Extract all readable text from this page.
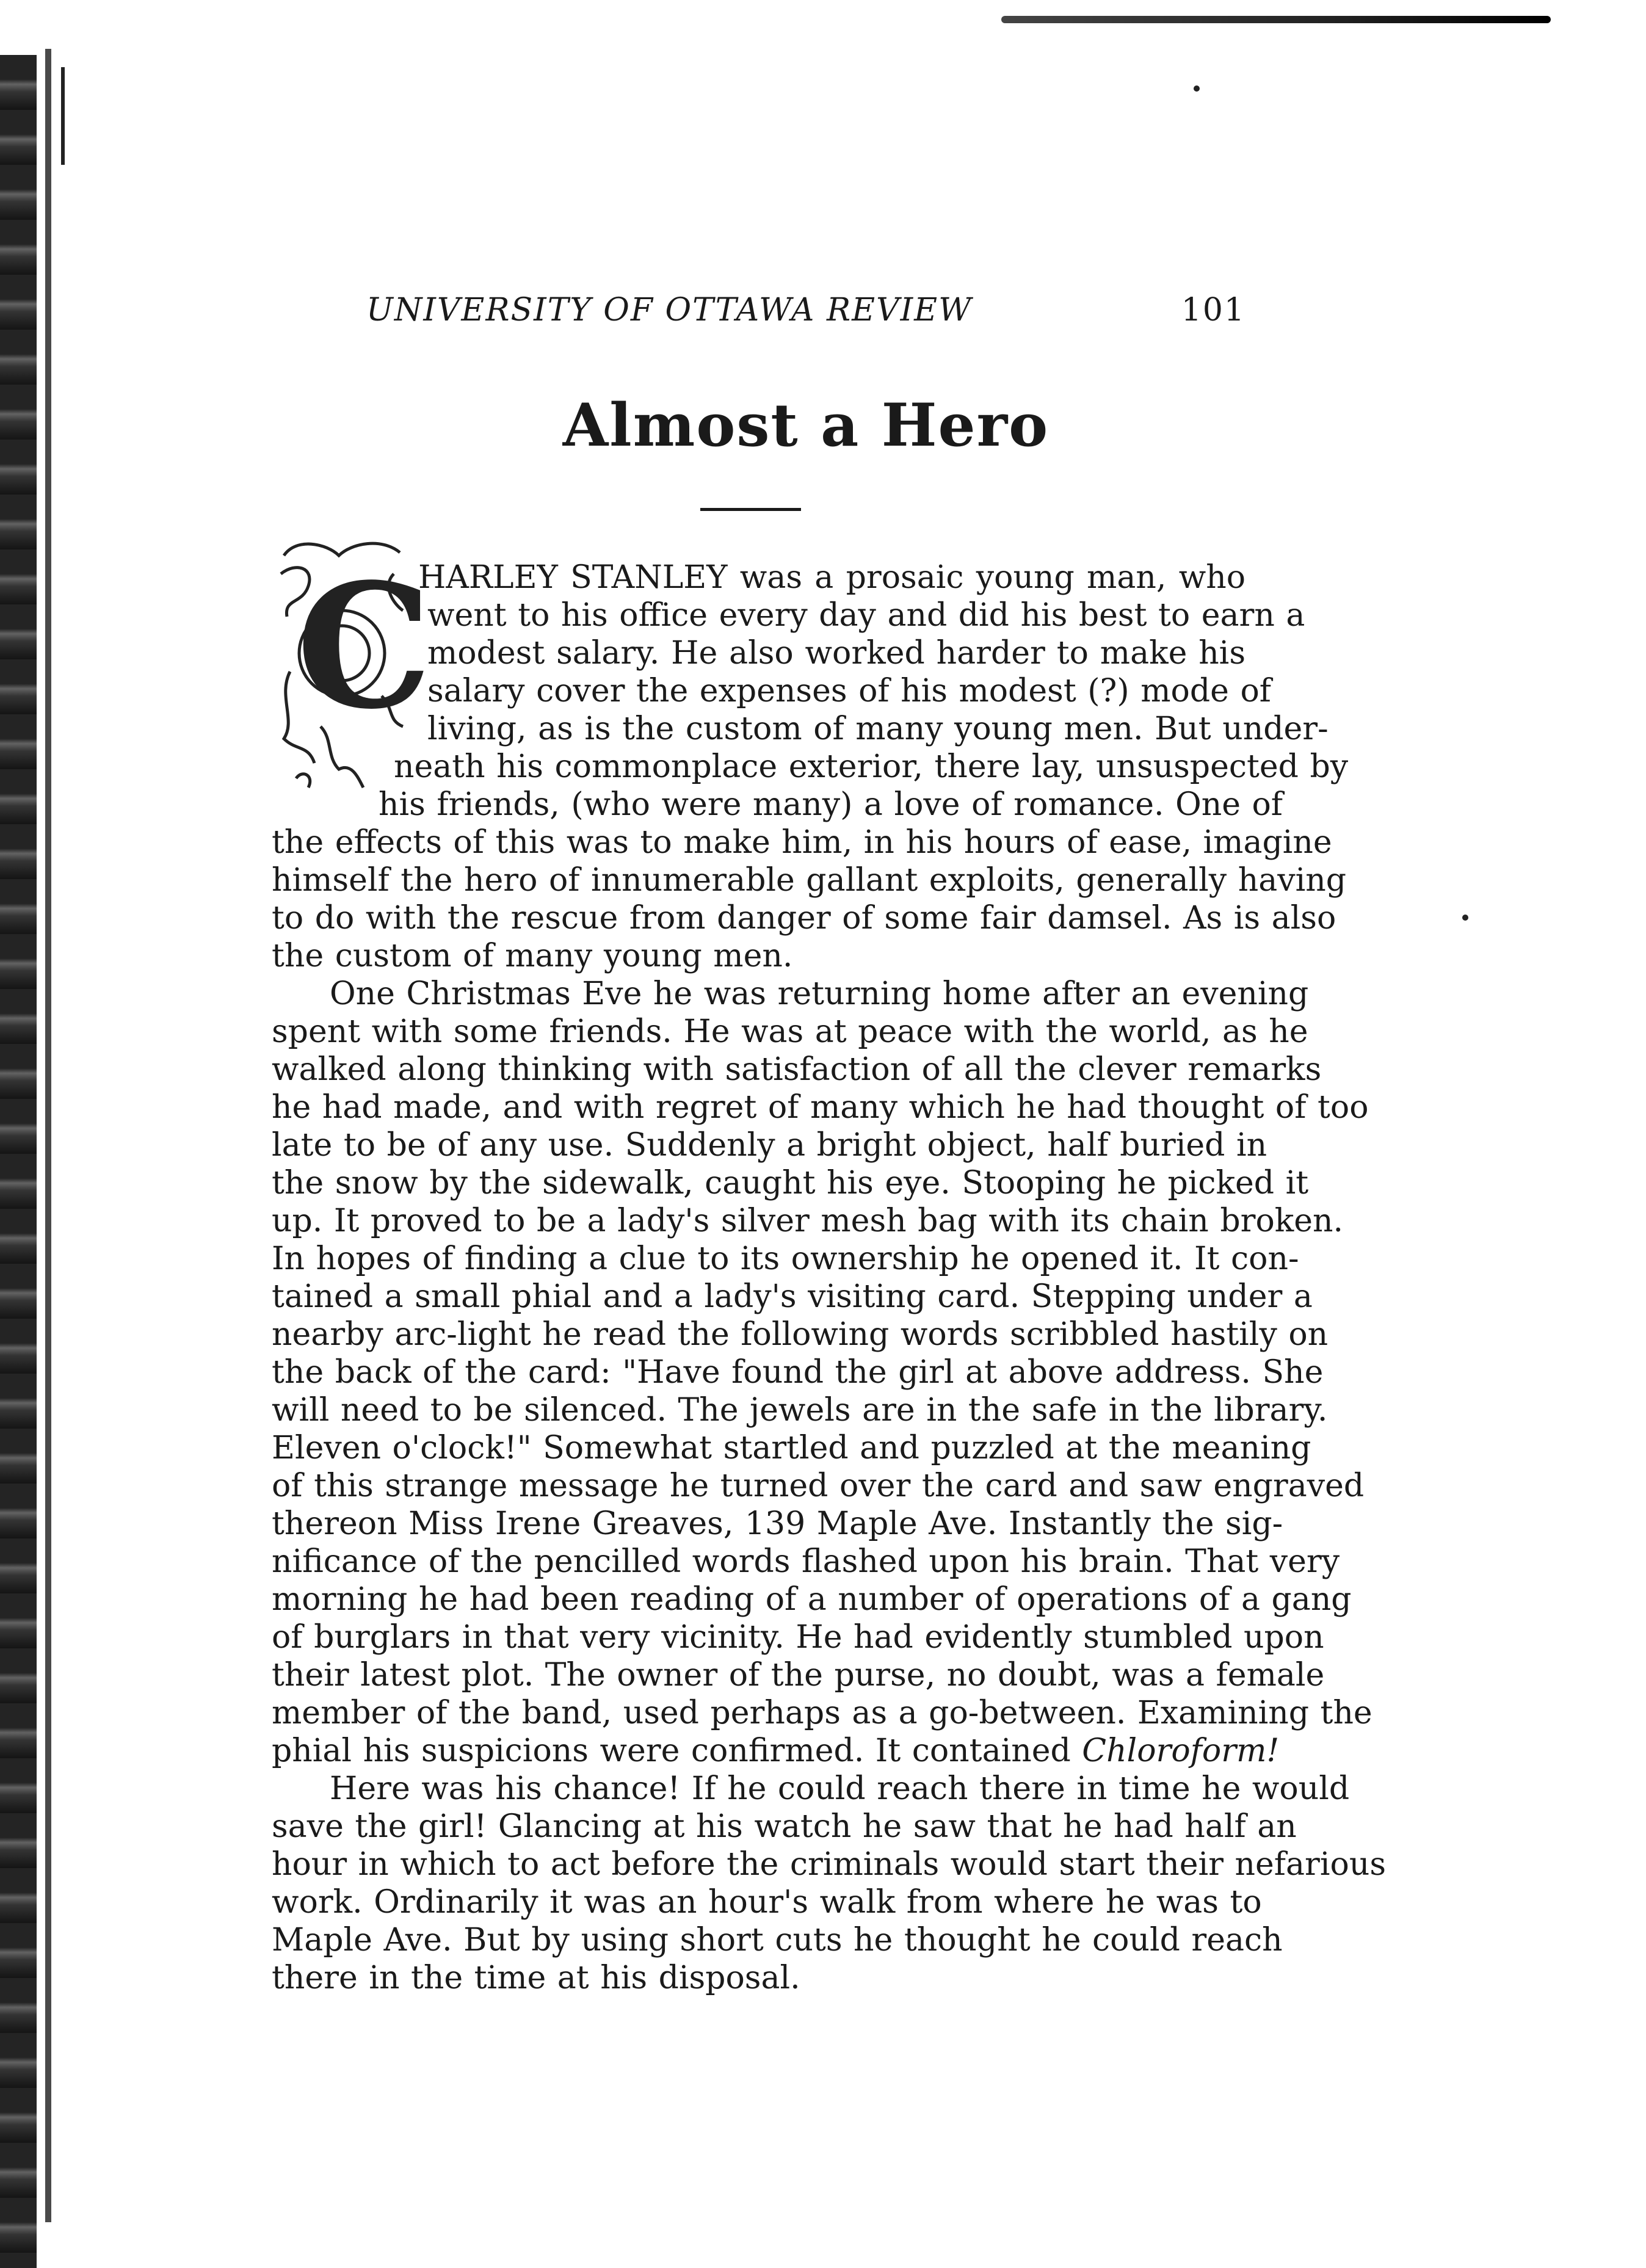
UNIVERSITY OF OTTAWA REVIEW	101
Almost a Hero
C
HARLEY STANLEY was a prosaic young man, who
went to his office every day and did his best to earn a
modest salary. He also worked harder to make his
salary cover the expenses of his modest (?) mode of
living, as is the custom of many young men. But under-
neath his commonplace exterior, there lay, unsuspected by
his friends, (who were many) a love of romance. One of
the effects of this was to make him, in his hours of ease, imagine
himself the hero of innumerable gallant exploits, generally having
to do with the rescue from danger of some fair damsel. As is also
the custom of many young men.
One Christmas Eve he was returning home after an evening
spent with some friends. He was at peace with the world, as he
walked along thinking with satisfaction of all the clever remarks
he had made, and with regret of many which he had thought of too
late to be of any use. Suddenly a bright object, half buried in
the snow by the sidewalk, caught his eye. Stooping he picked it
up. It proved to be a lady's silver mesh bag with its chain broken.
In hopes of finding a clue to its ownership he opened it. It con-
tained a small phial and a lady's visiting card. Stepping under a
nearby arc-light he read the following words scribbled hastily on
the back of the card: "Have found the girl at above address. She
will need to be silenced. The jewels are in the safe in the library.
Eleven o'clock!" Somewhat startled and puzzled at the meaning
of this strange message he turned over the card and saw engraved
thereon Miss Irene Greaves, 139 Maple Ave. Instantly the sig-
nificance of the pencilled words flashed upon his brain. That very
morning he had been reading of a number of operations of a gang
of burglars in that very vicinity. He had evidently stumbled upon
their latest plot. The owner of the purse, no doubt, was a female
member of the band, used perhaps as a go-between. Examining the
phial his suspicions were confirmed. It contained Chloroform!
Here was his chance! If he could reach there in time he would
save the girl! Glancing at his watch he saw that he had half an
hour in which to act before the criminals would start their nefarious
work. Ordinarily it was an hour's walk from where he was to
Maple Ave. But by using short cuts he thought he could reach
there in the time at his disposal.
